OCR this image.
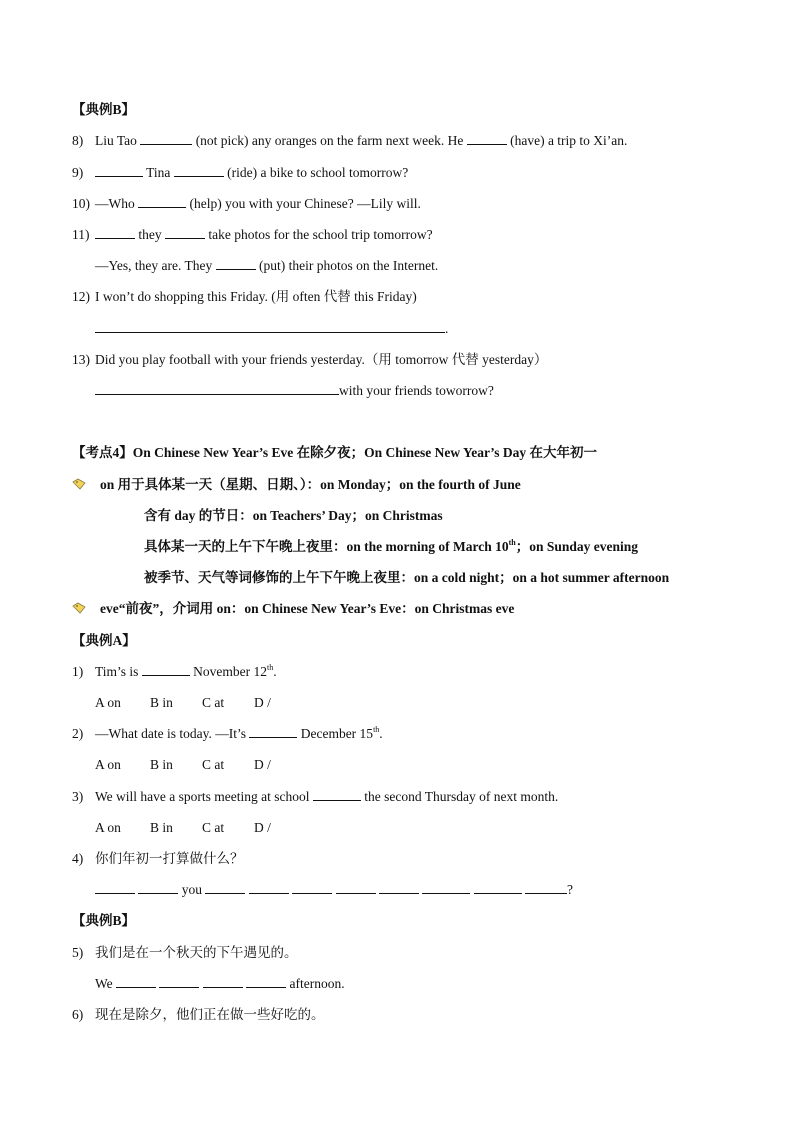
【典例B】
8) Liu Tao	(not pick) any oranges on the farm next week. He	(have) a trip to Xi’an.
9)	Tina	(ride) a bike to school tomorrow?
10) —Who	(help) you with your Chinese? —Lily will.
11)	they	take photos for the school trip tomorrow?
—Yes, they are. They	(put) their photos on the Internet.
12) I won’t do shopping this Friday. (用 often 代替 this Friday)
.
13) Did you play football with your friends yesterday.（用 tomorrow 代替 yesterday）
with your friends toworrow?
【考点4】On Chinese New Year’s Eve 在除夕夜；On Chinese New Year’s Day 在大年初一
on 用于具体某一天（星期、日期、）：on Monday；on the fourth of June
含有 day 的节日：on Teachers’ Day；on Christmas
具体某一天的上午下午晚上夜里：on the morning of March 10th；on Sunday evening
被季节、天气等词修饰的上午下午晚上夜里：on a cold night；on a hot summer afternoon
eve“前夜”，介词用 on：on Chinese New Year’s Eve：on Christmas eve
【典例A】
1) Tim’s is	November 12th.
A on B in C at D /
2) —What date is today. —It’s	December 15th.
A on B in C at D /
3) We will have a sports meeting at school	the second Thursday of next month.
A on B in C at D /
4) 你们年初一打算做什么？
you	?
【典例B】
5) 我们是在一个秋天的下午遇见的。
We	afternoon.
6) 现在是除夕，他们正在做一些好吃的。
